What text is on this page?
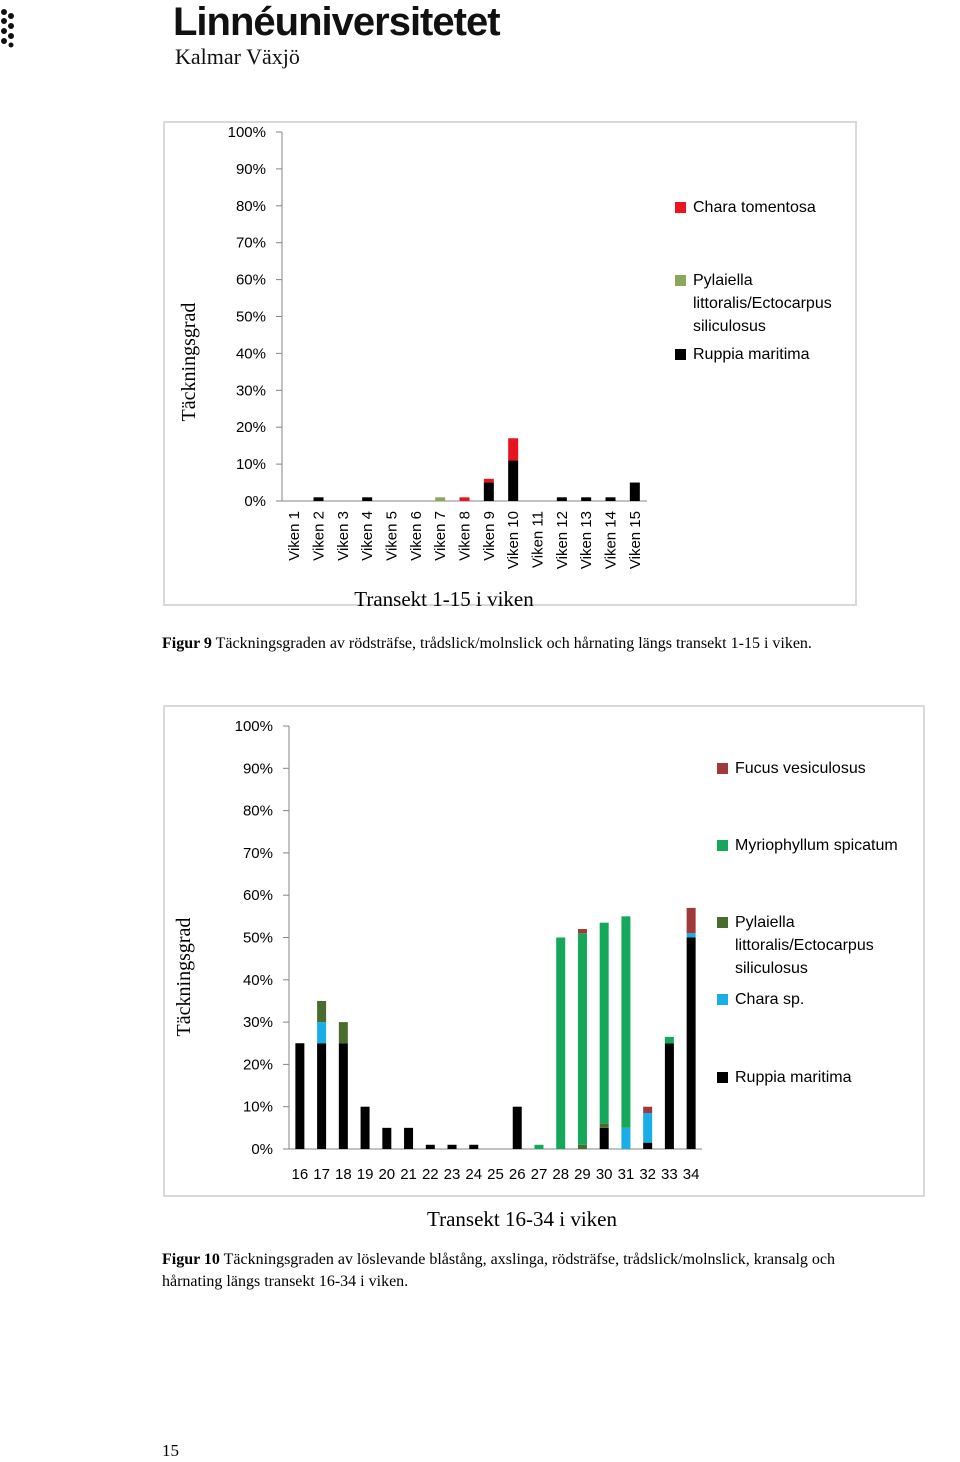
Linnéuniversitetet
Kalmar Växjö
0%
10%
20%
30%
40%
50%
60%
70%
80%
90%
100%
Täckningsgrad
Viken 1 Viken 2 Viken 3 Viken 4 Viken 5 Viken 6 Viken 7 Viken 8 Viken 9 Viken 10 Viken 11 Viken 12 Viken 13 Viken 14 Viken 15
Transekt 1-15 i viken
Chara tomentosa
Pylaiella
littoralis/Ectocarpus
siliculosus
Ruppia maritima
Figur 9 Täckningsgraden av rödsträfse, trådslick/molnslick och hårnating längs transekt 1-15 i viken.
0%
10%
20%
30%
40%
50%
60%
70%
80%
90%
100%
Täckningsgrad
16 17 18 19 20 21 22 23 24 25 26 27 28 29 30 31 32 33 34
Transekt 16-34 i viken
Fucus vesiculosus
Myriophyllum spicatum
Pylaiella
littoralis/Ectocarpus
siliculosus
Chara sp.
Ruppia maritima
Figur 10 Täckningsgraden av löslevande blåstång, axslinga, rödsträfse, trådslick/molnslick, kransalg och
hårnating längs transekt 16-34 i viken.
15
